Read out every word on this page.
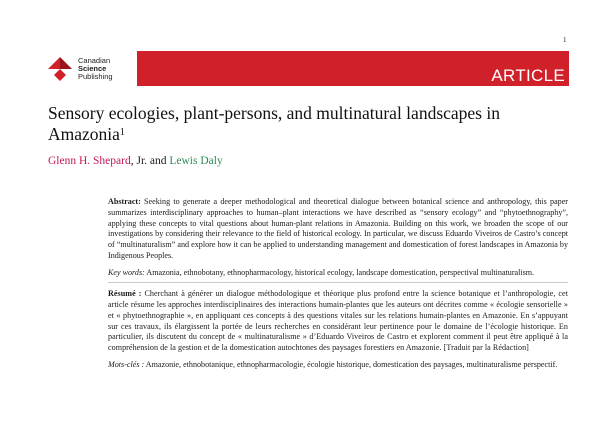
1
Canadian
Science
Publishing	ARTICLE
Sensory ecologies, plant-persons, and multinatural landscapes in Amazonia$^1$
Glenn H. Shepard, Jr. and Lewis Daly

Abstract: Seeking to generate a deeper methodological and theoretical dialogue between botanical science and anthropology, this paper summarizes interdisciplinary approaches to human–plant interactions we have described as “sensory ecology” and “phytoethnography”, applying these concepts to vital questions about human-plant relations in Amazonia. Building on this work, we broaden the scope of our investigations by considering their relevance to the field of historical ecology. In particular, we discuss Eduardo Viveiros de Castro’s concept of “multinaturalism” and explore how it can be applied to understanding management and domestication of forest landscapes in Amazonia by Indigenous Peoples.

Key words: Amazonia, ethnobotany, ethnopharmacology, historical ecology, landscape domestication, perspectival multinaturalism.

Résumé : Cherchant à générer un dialogue méthodologique et théorique plus profond entre la science botanique et l’anthropologie, cet article résume les approches interdisciplinaires des interactions humain-plantes que les auteurs ont décrites comme « écologie sensorielle » et « phytoethnographie », en appliquant ces concepts à des questions vitales sur les relations humain-plantes en Amazonie. En s’appuyant sur ces travaux, ils élargissent la portée de leurs recherches en considérant leur pertinence pour le domaine de l’écologie historique. En particulier, ils discutent du concept de « multinaturalisme » d’Eduardo Viveiros de Castro et explorent comment il peut être appliqué à la compréhension de la gestion et de la domestication autochtones des paysages forestiers en Amazonie. [Traduit par la Rédaction]

Mots-clés : Amazonie, ethnobotanique, ethnopharmacologie, écologie historique, domestication des paysages, multinaturalisme perspectif.
